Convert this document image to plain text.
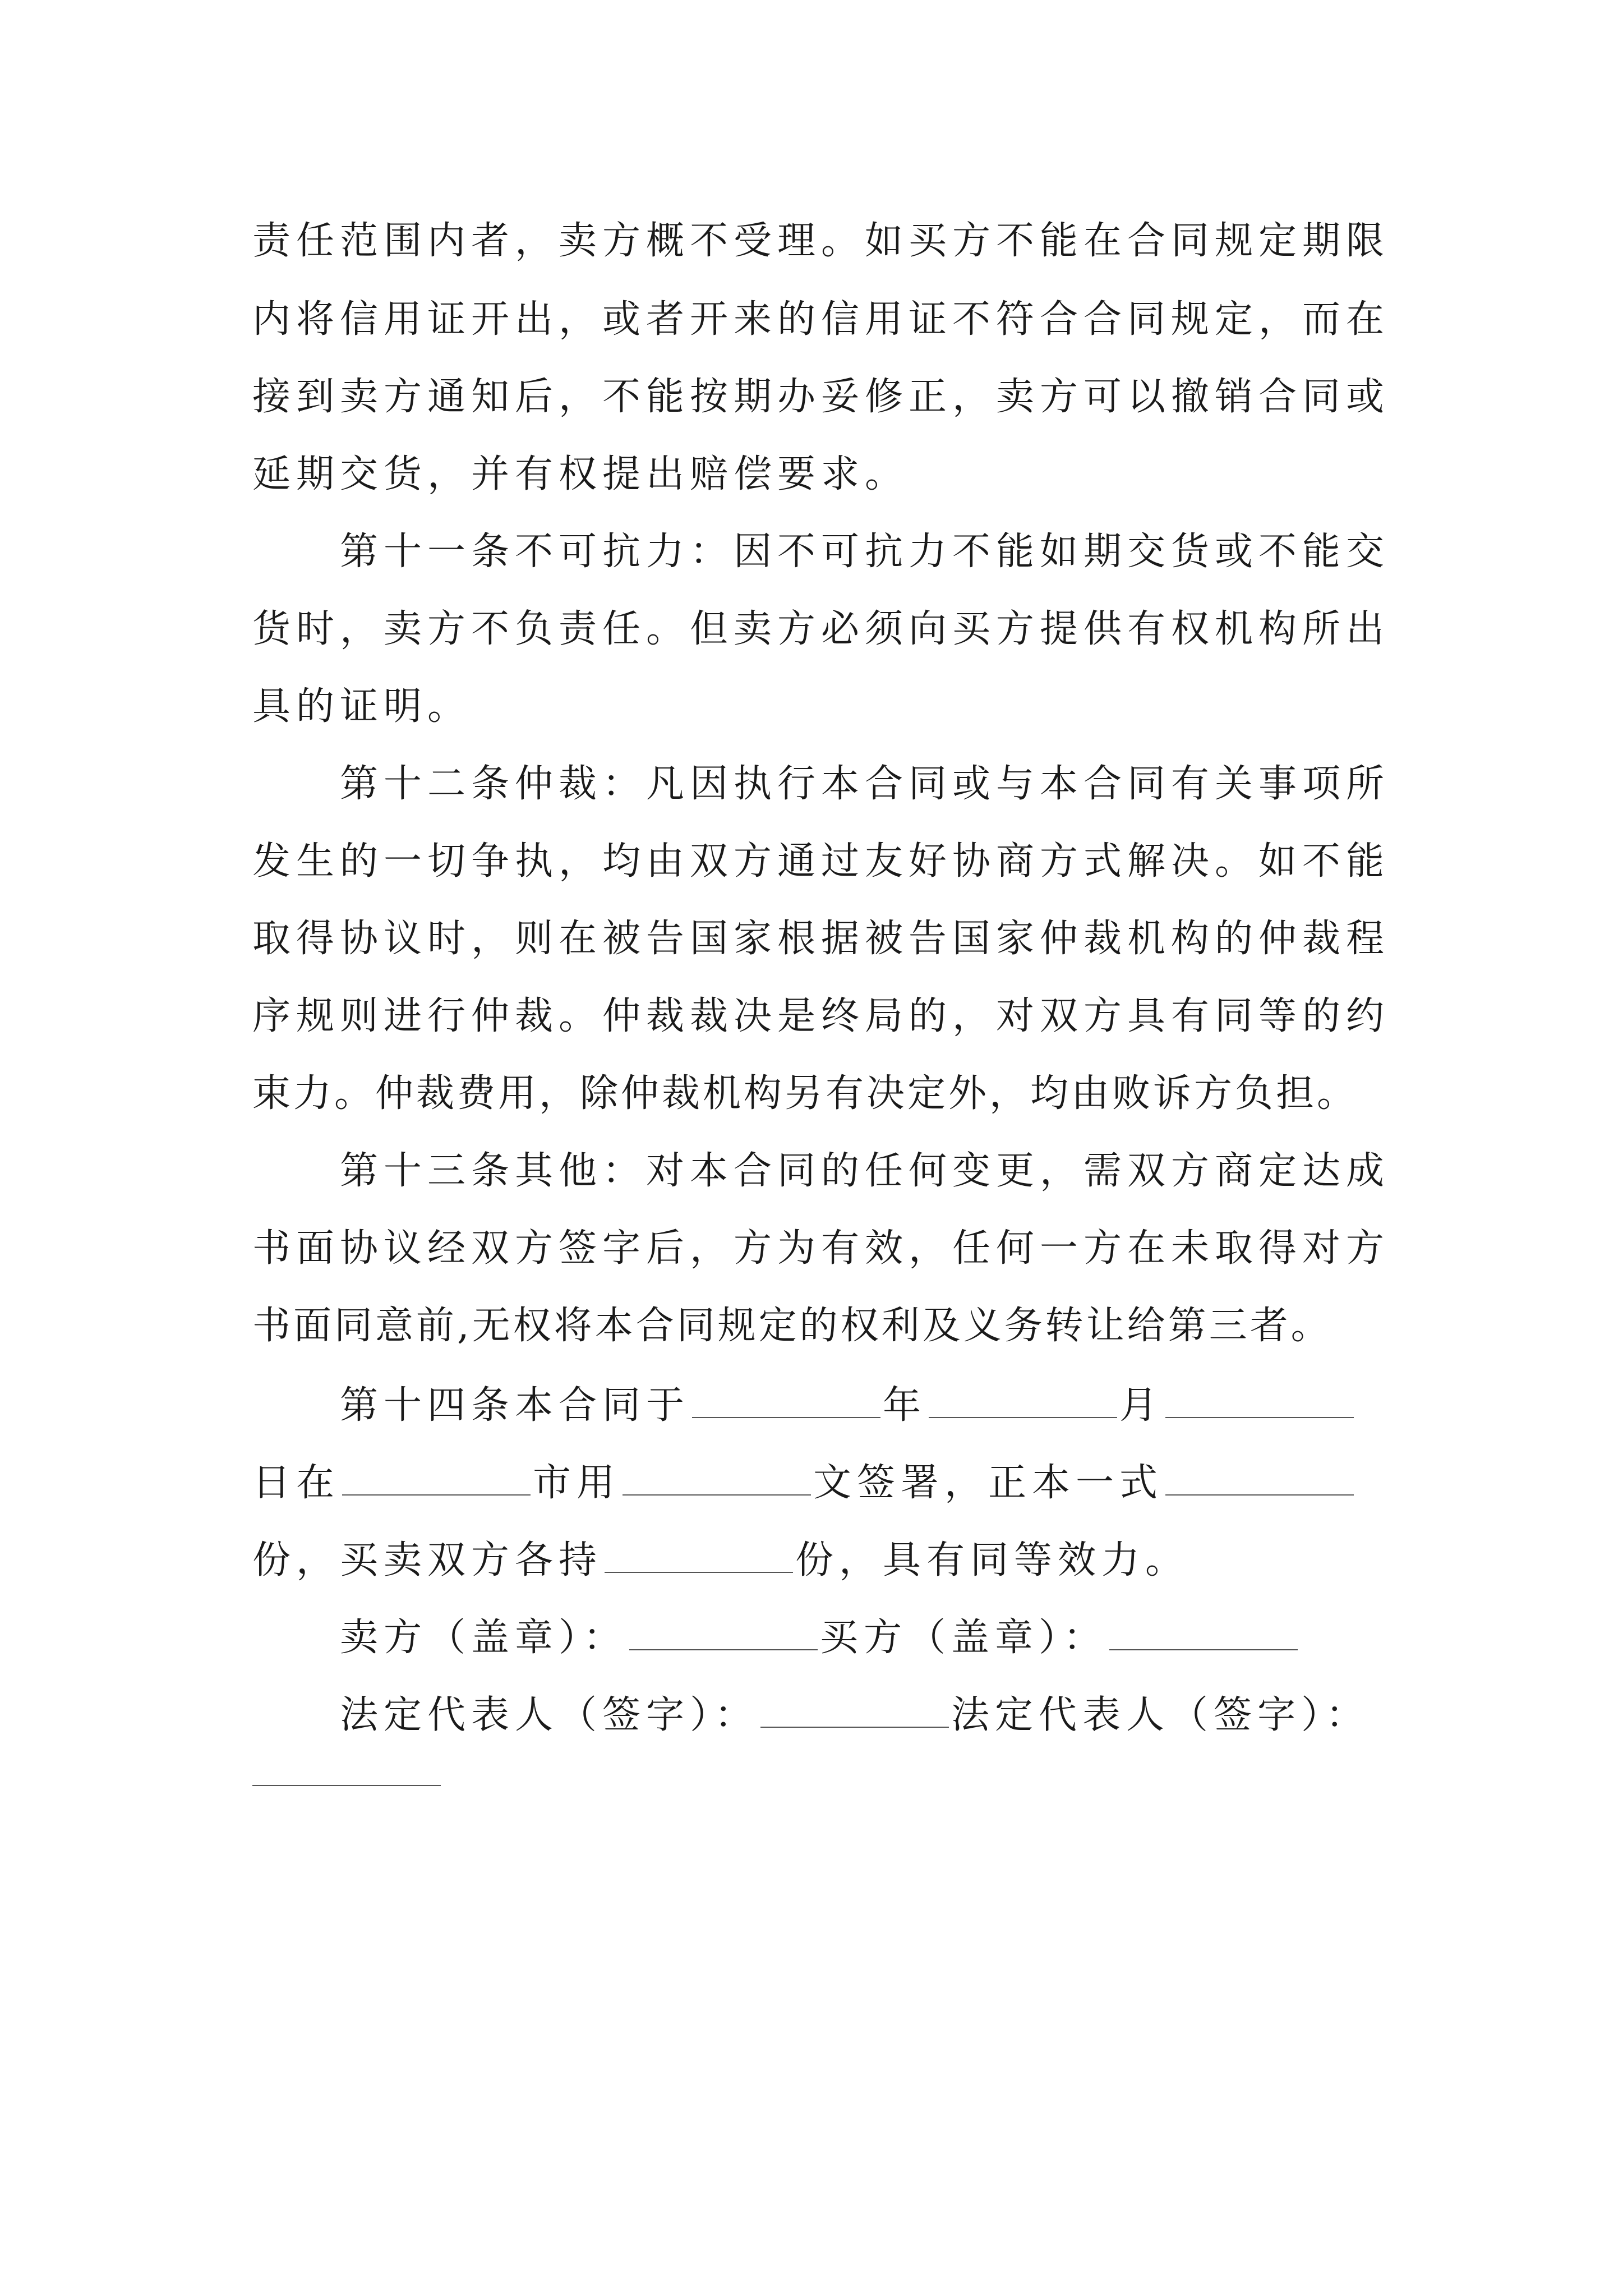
责任范围内者，卖方概不受理。如买方不能在合同规定期限
内将信用证开出，或者开来的信用证不符合合同规定，而在
接到卖方通知后，不能按期办妥修正，卖方可以撤销合同或
延期交货，并有权提出赔偿要求。
第十一条不可抗力：因不可抗力不能如期交货或不能交
货时，卖方不负责任。但卖方必须向买方提供有权机构所出
具的证明。
第十二条仲裁：凡因执行本合同或与本合同有关事项所
发生的一切争执，均由双方通过友好协商方式解决。如不能
取得协议时，则在被告国家根据被告国家仲裁机构的仲裁程
序规则进行仲裁。仲裁裁决是终局的，对双方具有同等的约
束力。仲裁费用，除仲裁机构另有决定外，均由败诉方负担。
第十三条其他：对本合同的任何变更，需双方商定达成
书面协议经双方签字后，方为有效，任何一方在未取得对方
书面同意前,无权将本合同规定的权利及义务转让给第三者。
第十四条本合同于	年	月
日在	市用	文签署，正本一式
份，买卖双方各持	份，具有同等效力。
卖方（盖章）：	买方（盖章）：
法定代表人（签字）：	法定代表人（签字）：
